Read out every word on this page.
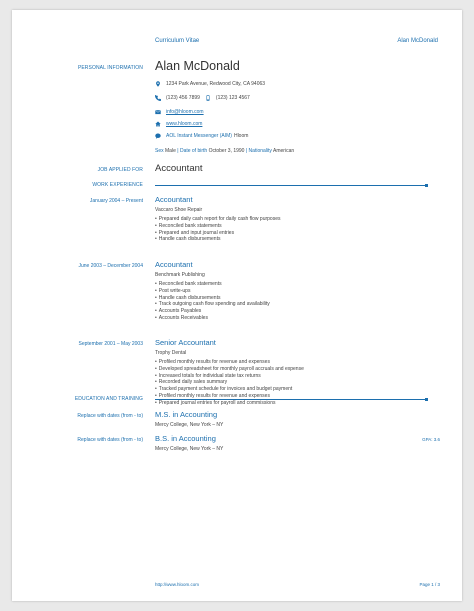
Curriculum Vitae	Alan McDonald
PERSONAL INFORMATION Alan McDonald
1234 Park Avenue, Redwood City, CA 94063
(123) 456 7899	(123) 123 4567
info@hloom.com
www.hloom.com
AOL Instant Messenger (AIM) Hloom
Sex Male | Date of birth October 3, 1990 | Nationality American
JOB APPLIED FOR Accountant
WORK EXPERIENCE
January 2004 – Present Accountant
Vaccaro Shoe Repair
• Prepared daily cash report for daily cash flow purposes
• Reconciled bank statements
• Prepared and input journal entries
• Handle cash disbursements
June 2003 – December 2004 Accountant
Benchmark Publishing
• Reconciled bank statements
• Post write-ups
• Handle cash disbursements
• Track outgoing cash flow spending and availability
• Accounts Payables
• Accounts Receivables
September 2001 – May 2003 Senior Accountant
Trophy Dental
• Profiled monthly results for revenue and expenses
• Developed spreadsheet for monthly payroll accruals and expense
• Increased totals for individual state tax returns
• Recorded daily sales summary
• Tracked payment schedule for invoices and budget payment
• Profiled monthly results for revenue and expenses
• Prepared journal entries for payroll and commissions
EDUCATION AND TRAINING
Replace with dates (from - to) M.S. in Accounting
Mercy College, New York – NY
Replace with dates (from - to) B.S. in Accounting
Mercy College, New York – NY
GPA: 3.6
http://www.hloom.com	Page 1 / 3
